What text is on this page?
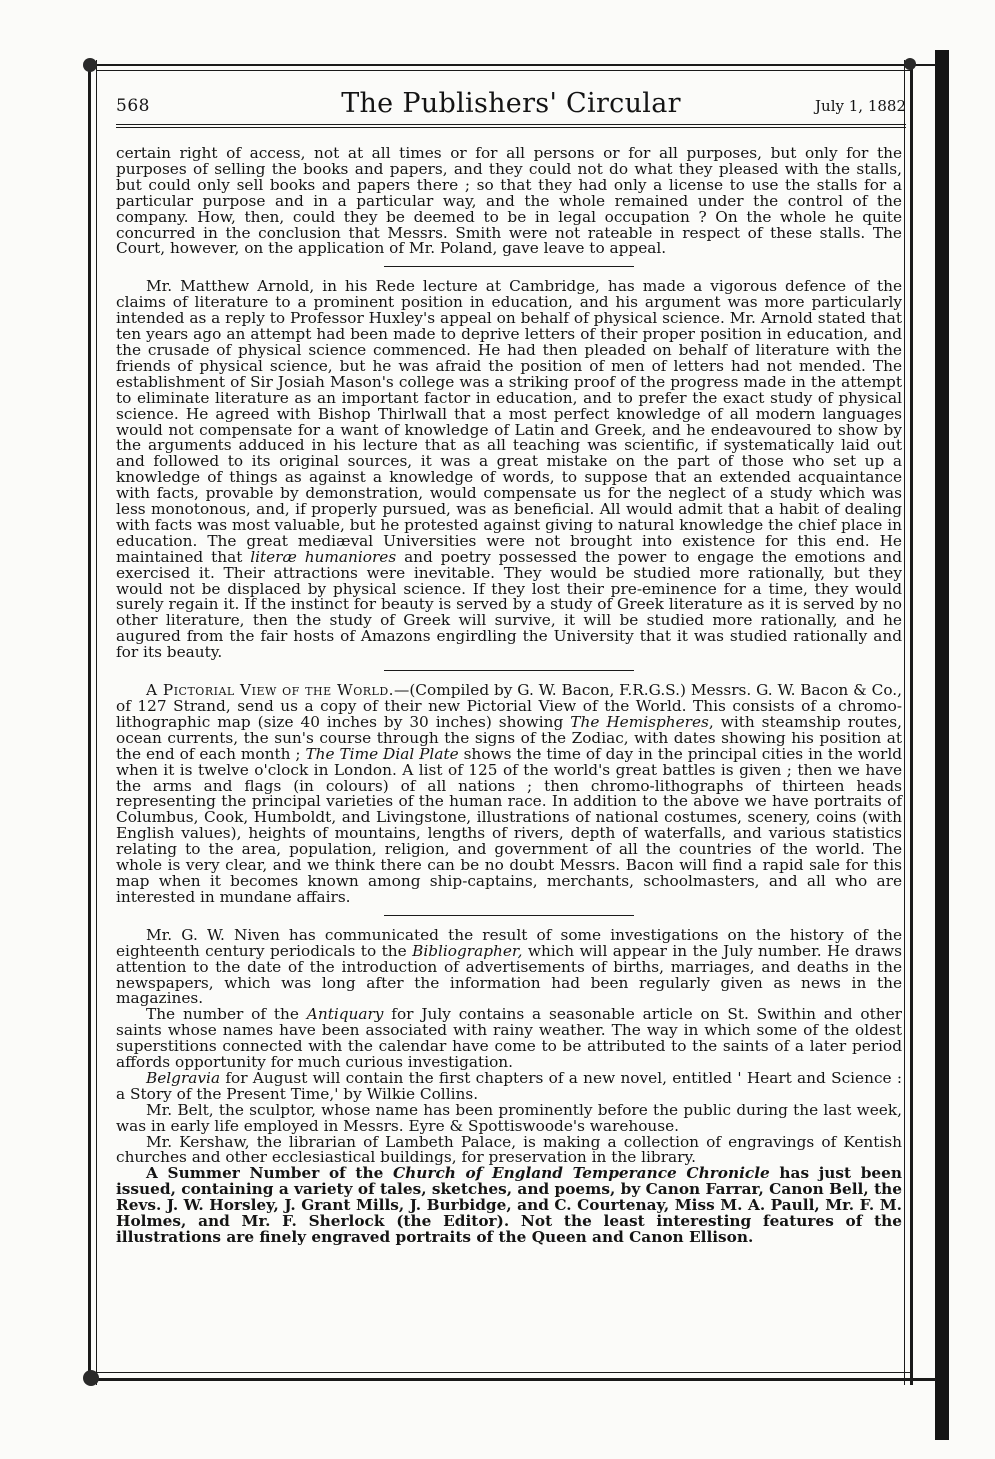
568	The Publishers' Circular	July 1, 1882

certain right of access, not at all times or for all persons or for all purposes, but only for the purposes of selling the books and papers, and they could not do what they pleased with the stalls, but could only sell books and papers there ; so that they had only a license to use the stalls for a particular purpose and in a particular way, and the whole remained under the control of the company. How, then, could they be deemed to be in legal occupation ? On the whole he quite concurred in the conclusion that Messrs. Smith were not rateable in respect of these stalls. The Court, however, on the application of Mr. Poland, gave leave to appeal.

Mr. Matthew Arnold, in his Rede lecture at Cambridge, has made a vigorous defence of the claims of literature to a prominent position in education, and his argument was more particularly intended as a reply to Professor Huxley's appeal on behalf of physical science. Mr. Arnold stated that ten years ago an attempt had been made to deprive letters of their proper position in education, and the crusade of physical science commenced. He had then pleaded on behalf of literature with the friends of physical science, but he was afraid the position of men of letters had not mended. The establishment of Sir Josiah Mason's college was a striking proof of the progress made in the attempt to eliminate literature as an important factor in education, and to prefer the exact study of physical science. He agreed with Bishop Thirlwall that a most perfect knowledge of all modern languages would not compensate for a want of knowledge of Latin and Greek, and he endeavoured to show by the arguments adduced in his lecture that as all teaching was scientific, if systematically laid out and followed to its original sources, it was a great mistake on the part of those who set up a knowledge of things as against a knowledge of words, to suppose that an extended acquaintance with facts, provable by demonstration, would compensate us for the neglect of a study which was less monotonous, and, if properly pursued, was as beneficial. All would admit that a habit of dealing with facts was most valuable, but he protested against giving to natural knowledge the chief place in education. The great mediæval Universities were not brought into existence for this end. He maintained that literæ humaniores and poetry possessed the power to engage the emotions and exercised it. Their attractions were inevitable. They would be studied more rationally, but they would not be displaced by physical science. If they lost their pre-eminence for a time, they would surely regain it. If the instinct for beauty is served by a study of Greek literature as it is served by no other literature, then the study of Greek will survive, it will be studied more rationally, and he augured from the fair hosts of Amazons engirdling the University that it was studied rationally and for its beauty.

A Pictorial View of the World.—(Compiled by G. W. Bacon, F.R.G.S.) Messrs. G. W. Bacon & Co., of 127 Strand, send us a copy of their new Pictorial View of the World. This consists of a chromo-lithographic map (size 40 inches by 30 inches) showing The Hemispheres, with steamship routes, ocean currents, the sun's course through the signs of the Zodiac, with dates showing his position at the end of each month ; The Time Dial Plate shows the time of day in the principal cities in the world when it is twelve o'clock in London. A list of 125 of the world's great battles is given ; then we have the arms and flags (in colours) of all nations ; then chromo-lithographs of thirteen heads representing the principal varieties of the human race. In addition to the above we have portraits of Columbus, Cook, Humboldt, and Livingstone, illustrations of national costumes, scenery, coins (with English values), heights of mountains, lengths of rivers, depth of waterfalls, and various statistics relating to the area, population, religion, and government of all the countries of the world. The whole is very clear, and we think there can be no doubt Messrs. Bacon will find a rapid sale for this map when it becomes known among ship-captains, merchants, schoolmasters, and all who are interested in mundane affairs.

Mr. G. W. Niven has communicated the result of some investigations on the history of the eighteenth century periodicals to the Bibliographer, which will appear in the July number. He draws attention to the date of the introduction of advertisements of births, marriages, and deaths in the newspapers, which was long after the information had been regularly given as news in the magazines.

The number of the Antiquary for July contains a seasonable article on St. Swithin and other saints whose names have been associated with rainy weather. The way in which some of the oldest superstitions connected with the calendar have come to be attributed to the saints of a later period affords opportunity for much curious investigation.

Belgravia for August will contain the first chapters of a new novel, entitled ' Heart and Science : a Story of the Present Time,' by Wilkie Collins.

Mr. Belt, the sculptor, whose name has been prominently before the public during the last week, was in early life employed in Messrs. Eyre & Spottiswoode's warehouse.

Mr. Kershaw, the librarian of Lambeth Palace, is making a collection of engravings of Kentish churches and other ecclesiastical buildings, for preservation in the library.

A Summer Number of the Church of England Temperance Chronicle has just been issued, containing a variety of tales, sketches, and poems, by Canon Farrar, Canon Bell, the Revs. J. W. Horsley, J. Grant Mills, J. Burbidge, and C. Courtenay, Miss M. A. Paull, Mr. F. M. Holmes, and Mr. F. Sherlock (the Editor). Not the least interesting features of the illustrations are finely engraved portraits of the Queen and Canon Ellison.
